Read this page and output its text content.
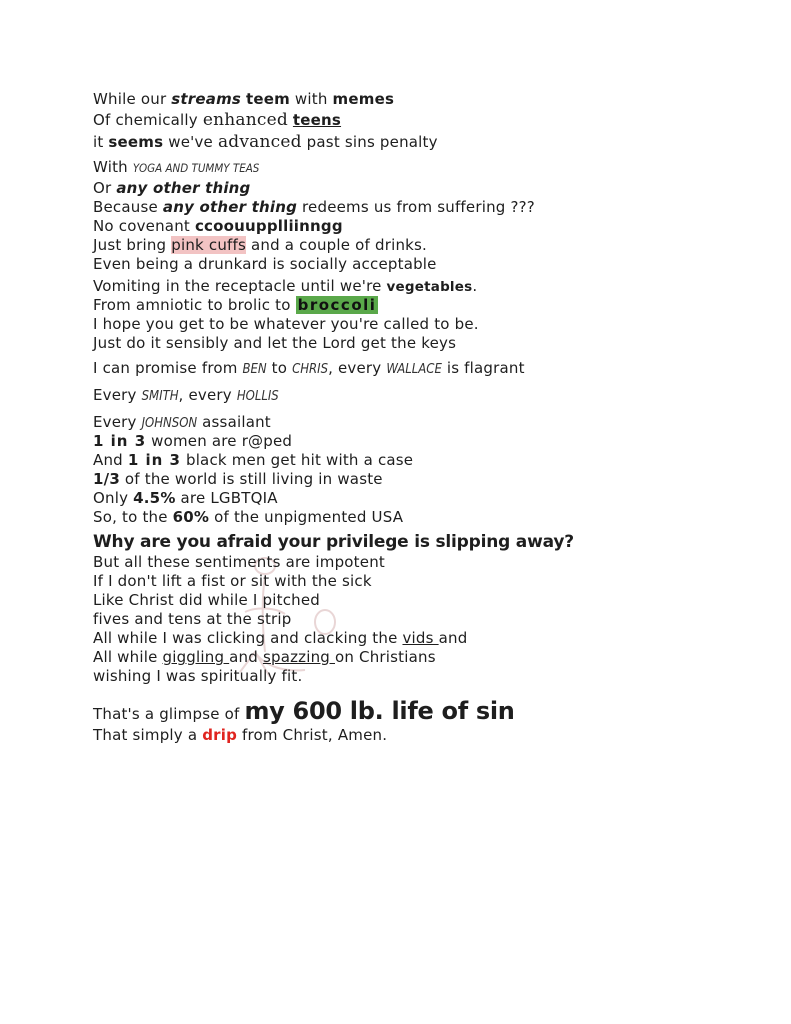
While our streams teem with memes
Of chemically enhanced teens
it seems we've advanced past sins penalty
With YOGA AND TUMMY TEAS
Or any other thing
Because any other thing redeems us from suffering ???
No covenant ccoouupplliinngg
Just bring pink cuffs and a couple of drinks.
Even being a drunkard is socially acceptable
Vomiting in the receptacle until we're vegetables.
From amniotic to brolic to broccoli
I hope you get to be whatever you're called to be.
Just do it sensibly and let the Lord get the keys
I can promise from BEN to CHRIS, every WALLACE is flagrant
Every SMITH, every HOLLIS
Every JOHNSON assailant
1 in 3 women are r@ped
And 1 in 3 black men get hit with a case
1/3 of the world is still living in waste
Only 4.5% are LGBTQIA
So, to the 60% of the unpigmented USA
Why are you afraid your privilege is slipping away?
But all these sentiments are impotent
If I don't lift a fist or sit with the sick
Like Christ did while I pitched
fives and tens at the strip
All while I was clicking and clacking the vids and
All while giggling and spazzing on Christians
wishing I was spiritually fit.
That's a glimpse of my 600 lb. life of sin
That simply a drip from Christ, Amen.
